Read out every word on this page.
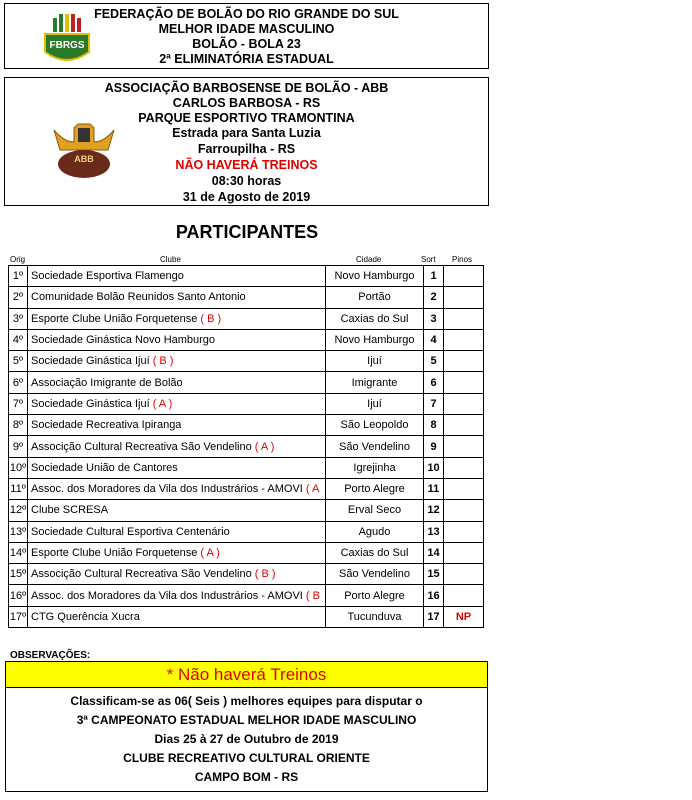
FBRGS
FEDERAÇÃO DE BOLÃO DO RIO GRANDE DO SUL
MELHOR IDADE MASCULINO
BOLÃO - BOLA 23
2ª ELIMINATÓRIA ESTADUAL
ASSOCIAÇÃO BARBOSENSE DE BOLÃO - ABB
CARLOS BARBOSA - RS
PARQUE ESPORTIVO TRAMONTINA
Estrada para Santa Luzia
Farroupilha - RS
NÃO HAVERÁ TREINOS
08:30 horas
31 de Agosto de 2019
ABB
PARTICIPANTES
Orig	Clube	Cidade	Sort Pinos
1º	Sociedade Esportiva Flamengo	Novo Hamburgo	1	
2º	Comunidade Bolão Reunidos Santo Antonio	Portão	2	
3º	Esporte Clube União Forquetense ( B )	Caxias do Sul	3	
4º	Sociedade Ginástica Novo Hamburgo	Novo Hamburgo	4	
5º	Sociedade Ginástica Ijuí ( B )	Ijuí	5	
6º	Associação Imigrante de Bolão	Imigrante	6	
7º	Sociedade Ginástica Ijuí ( A )	Ijuí	7	
8º	Sociedade Recreativa Ipiranga	São Leopoldo	8	
9º	Associção Cultural Recreativa São Vendelino ( A )	São Vendelino	9	
10º	Sociedade União de Cantores	Igrejinha	10	
11º	Assoc. dos Moradores da Vila dos Industrários - AMOVI ( A	Porto Alegre	11	
12º	Clube SCRESA	Erval Seco	12	
13º	Sociedade Cultural Esportiva Centenário	Agudo	13	
14º	Esporte Clube União Forquetense ( A )	Caxias do Sul	14	
15º	Associção Cultural Recreativa São Vendelino ( B )	São Vendelino	15	
16º	Assoc. dos Moradores da Vila dos Industrários - AMOVI ( B	Porto Alegre	16	
17º	CTG Querência Xucra	Tucunduva	17	NP
OBSERVAÇÕES:
* Não haverá Treinos
Classificam-se as 06( Seis ) melhores equipes para disputar o
3ª CAMPEONATO ESTADUAL MELHOR IDADE MASCULINO
Dias 25 à 27 de Outubro de 2019
CLUBE RECREATIVO CULTURAL ORIENTE
CAMPO BOM - RS
